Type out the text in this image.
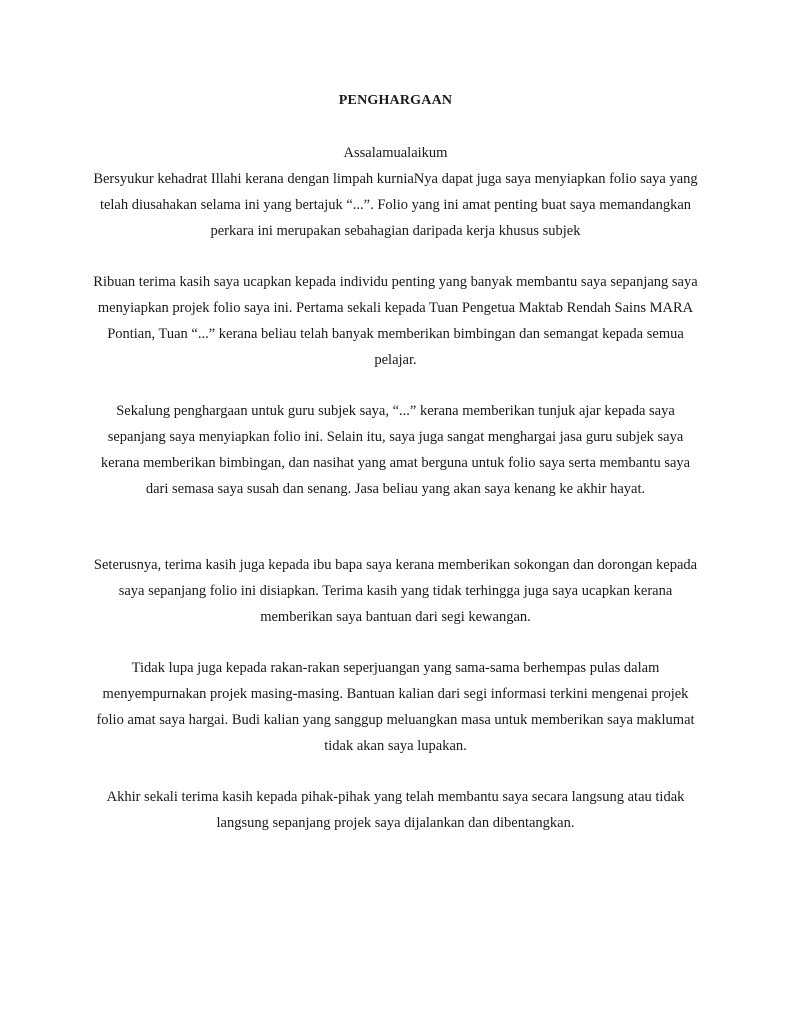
PENGHARGAAN
Assalamualaikum

Bersyukur kehadrat Illahi kerana dengan limpah kurniaNya dapat juga saya menyiapkan folio saya yang telah diusahakan selama ini yang bertajuk “...”. Folio yang ini amat penting buat saya memandangkan perkara ini merupakan sebahagian daripada kerja khusus subjek

Ribuan terima kasih saya ucapkan kepada individu penting yang banyak membantu saya sepanjang saya menyiapkan projek folio saya ini. Pertama sekali kepada Tuan Pengetua Maktab Rendah Sains MARA Pontian, Tuan “...” kerana beliau telah banyak memberikan bimbingan dan semangat kepada semua pelajar.

Sekalung penghargaan untuk guru subjek saya, “...” kerana memberikan tunjuk ajar kepada saya sepanjang saya menyiapkan folio ini. Selain itu, saya juga sangat menghargai jasa guru subjek saya kerana memberikan bimbingan, dan nasihat yang amat berguna untuk folio saya serta membantu saya dari semasa saya susah dan senang. Jasa beliau yang akan saya kenang ke akhir hayat.

Seterusnya, terima kasih juga kepada ibu bapa saya kerana memberikan sokongan dan dorongan kepada saya sepanjang folio ini disiapkan. Terima kasih yang tidak terhingga juga saya ucapkan kerana memberikan saya bantuan dari segi kewangan.

Tidak lupa juga kepada rakan-rakan seperjuangan yang sama-sama berhempas pulas dalam menyempurnakan projek masing-masing. Bantuan kalian dari segi informasi terkini mengenai projek folio amat saya hargai. Budi kalian yang sanggup meluangkan masa untuk memberikan saya maklumat tidak akan saya lupakan.

Akhir sekali terima kasih kepada pihak-pihak yang telah membantu saya secara langsung atau tidak langsung sepanjang projek saya dijalankan dan dibentangkan.
